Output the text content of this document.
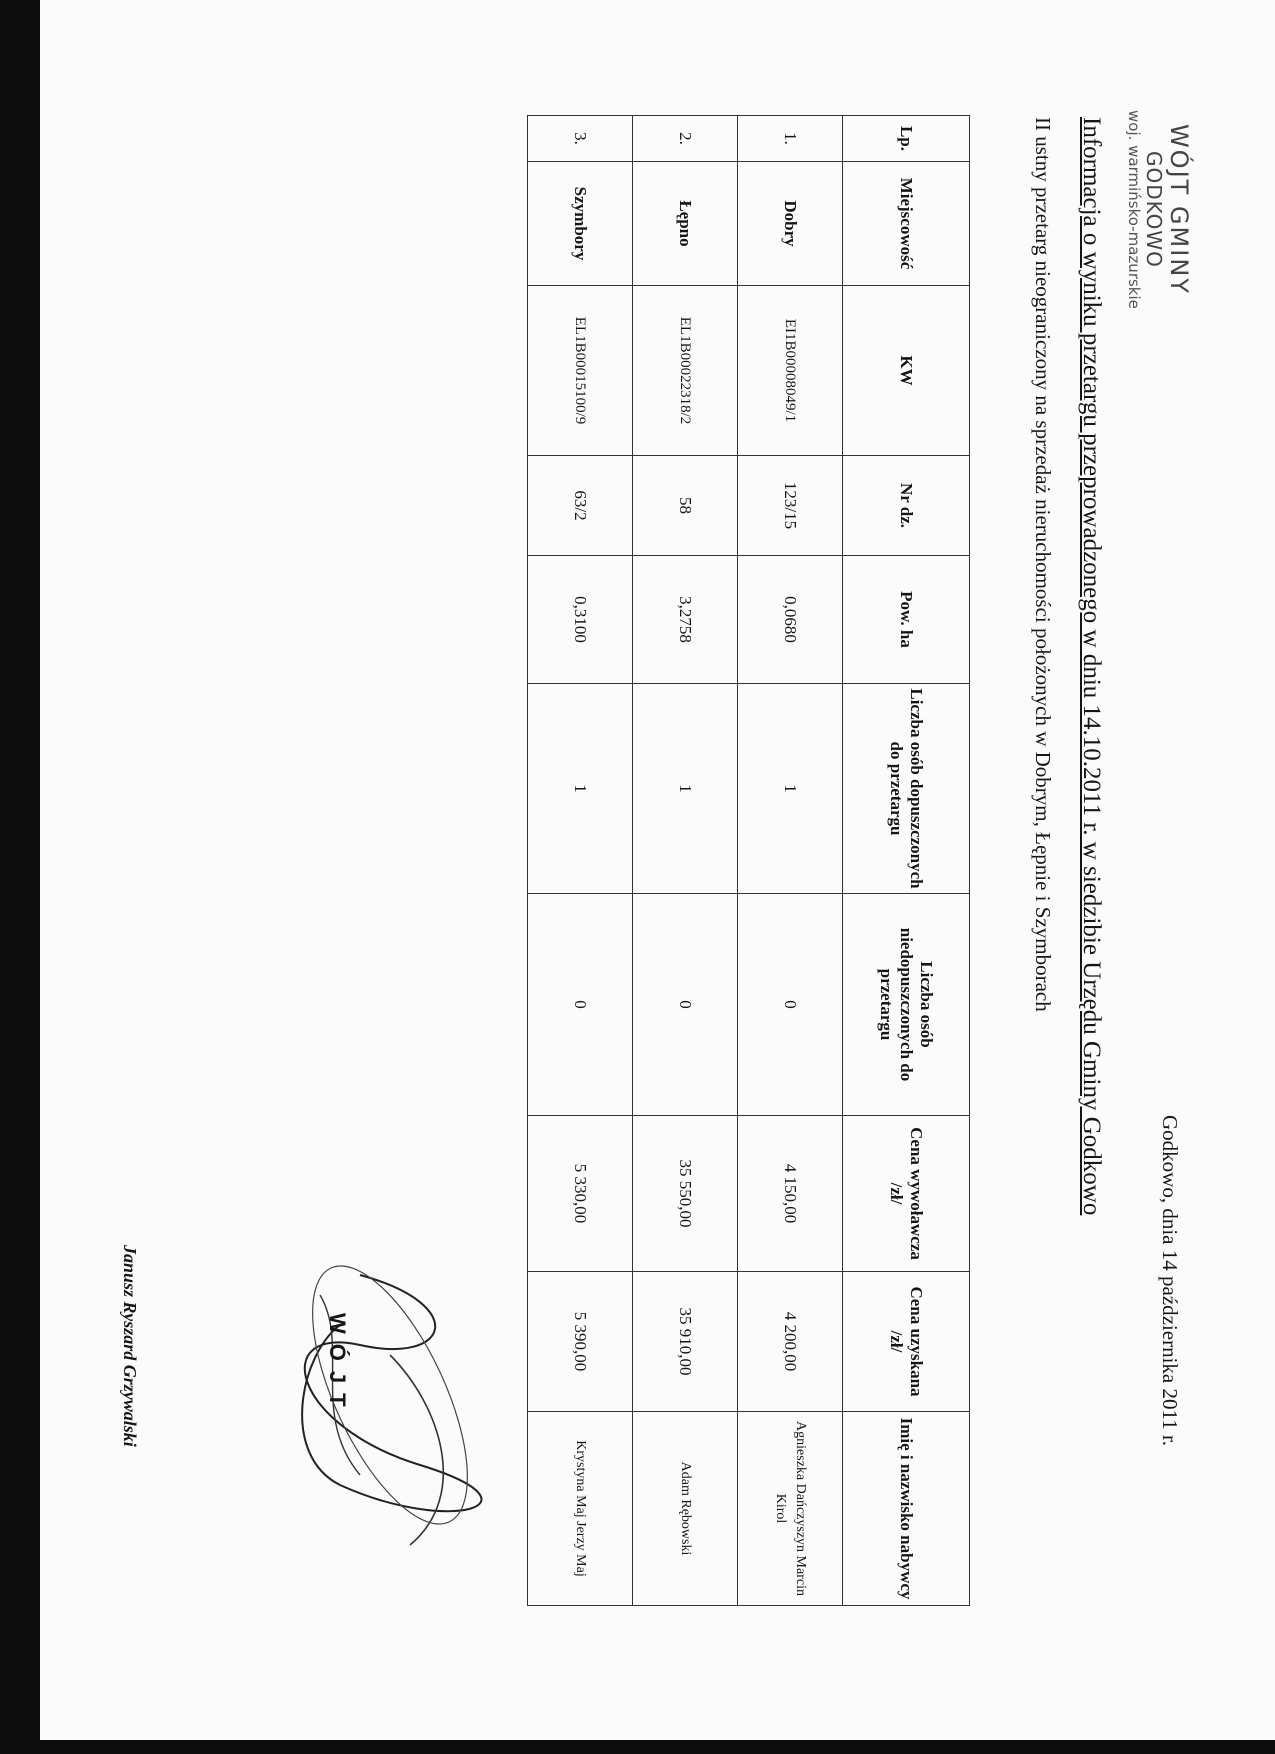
WÓJT GMINY
GODKOWO
woj. warmińsko-mazurskie
Godkowo, dnia 14 października 2011 r.
Informacja o wyniku przetargu przeprowadzonego w dniu 14.10.2011 r. w siedzibie Urzędu Gminy Godkowo
II ustny przetarg nieograniczony na sprzedaż nieruchomości położonych w Dobrym, Łępnie i Szymborach
Lp.	Miejscowość	KW	Nr dz.	Pow. ha	Liczba osób dopuszczonych do przetargu	Liczba osób niedopuszczonych do przetargu	Cena wywoławcza /zł/	Cena uzyskana /zł/	Imię i nazwisko nabywcy
1.	Dobry	EI1B00008049/1	123/15	0,0680	1	0	4 150,00	4 200,00	Agnieszka Dańczyszyn Marcin Kirol
2.	Łępno	EL1B00022318/2	58	3,2758	1	0	35 550,00	35 910,00	Adam Rębowski
3.	Szymbory	EL1B00015100/9	63/2	0,3100	1	0	5 330,00	5 390,00	Krystyna Maj Jerzy Maj
WÓJT
Janusz Ryszard Grzywalski
